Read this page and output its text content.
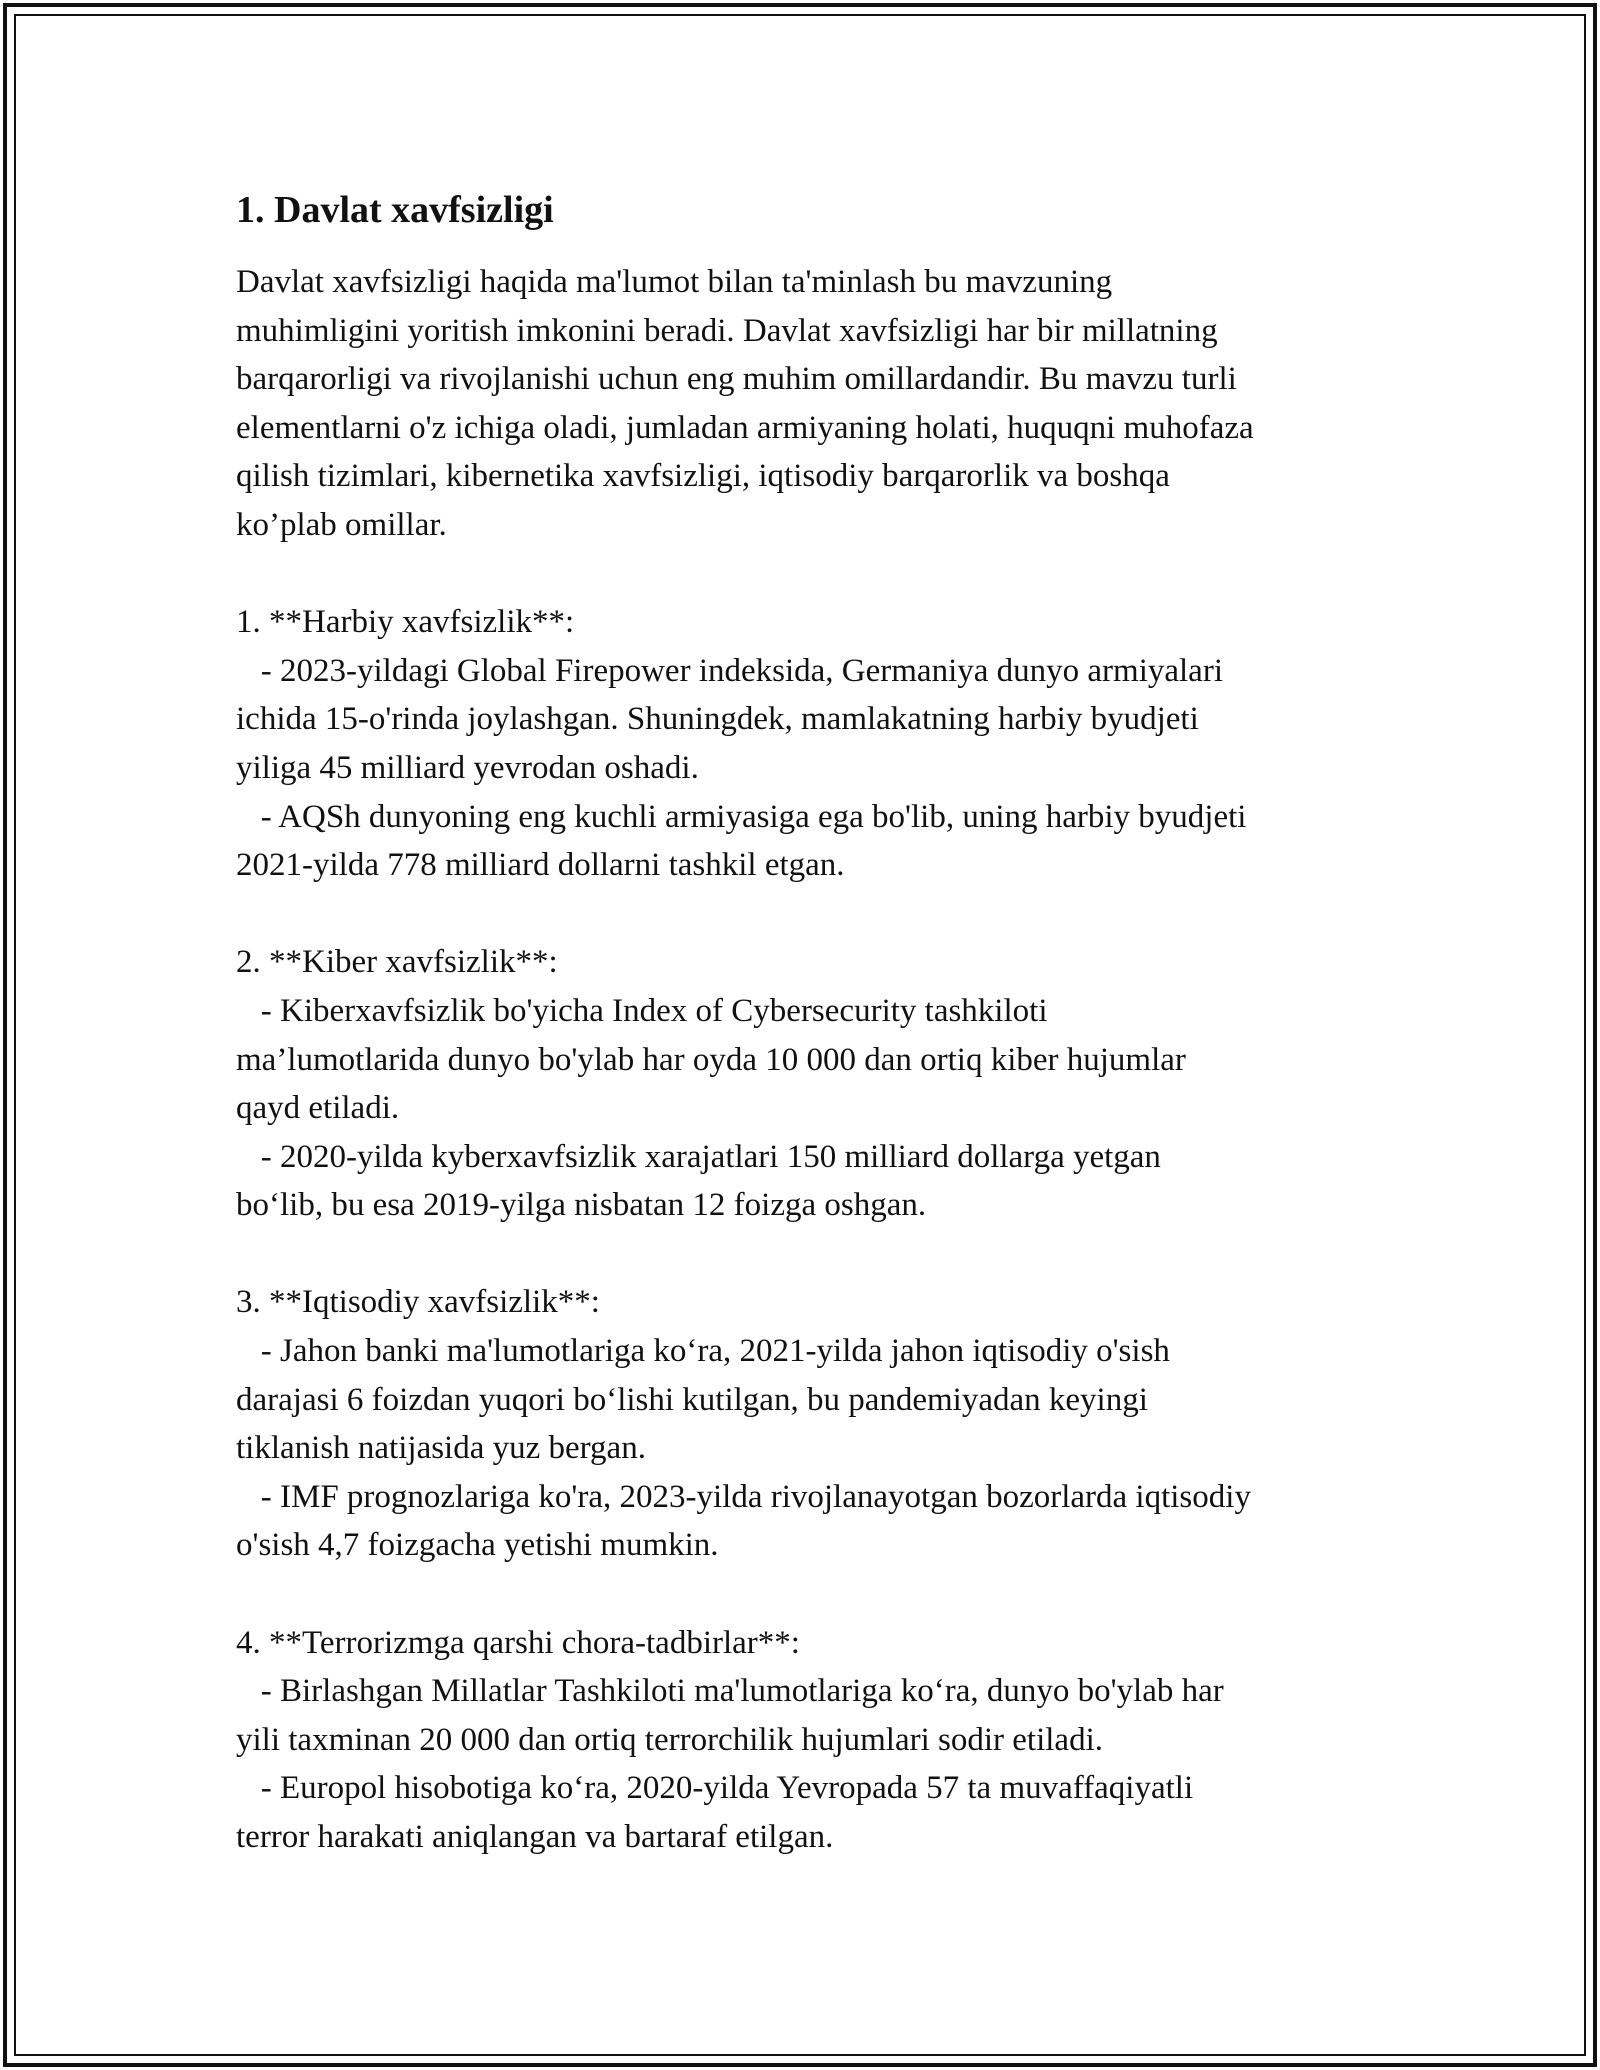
1. Davlat xavfsizligi
Davlat xavfsizligi haqida ma'lumot bilan ta'minlash bu mavzuning
muhimligini yoritish imkonini beradi. Davlat xavfsizligi har bir millatning
barqarorligi va rivojlanishi uchun eng muhim omillardandir. Bu mavzu turli
elementlarni o'z ichiga oladi, jumladan armiyaning holati, huquqni muhofaza
qilish tizimlari, kibernetika xavfsizligi, iqtisodiy barqarorlik va boshqa
ko’plab omillar.
1. **Harbiy xavfsizlik**:
- 2023-yildagi Global Firepower indeksida, Germaniya dunyo armiyalari
ichida 15-o'rinda joylashgan. Shuningdek, mamlakatning harbiy byudjeti
yiliga 45 milliard yevrodan oshadi.
- AQSh dunyoning eng kuchli armiyasiga ega bo'lib, uning harbiy byudjeti
2021-yilda 778 milliard dollarni tashkil etgan.
2. **Kiber xavfsizlik**:
- Kiberxavfsizlik bo'yicha Index of Cybersecurity tashkiloti
ma’lumotlarida dunyo bo'ylab har oyda 10 000 dan ortiq kiber hujumlar
qayd etiladi.
- 2020-yilda kyberxavfsizlik xarajatlari 150 milliard dollarga yetgan
bo‘lib, bu esa 2019-yilga nisbatan 12 foizga oshgan.
3. **Iqtisodiy xavfsizlik**:
- Jahon banki ma'lumotlariga ko‘ra, 2021-yilda jahon iqtisodiy o'sish
darajasi 6 foizdan yuqori bo‘lishi kutilgan, bu pandemiyadan keyingi
tiklanish natijasida yuz bergan.
- IMF prognozlariga ko'ra, 2023-yilda rivojlanayotgan bozorlarda iqtisodiy
o'sish 4,7 foizgacha yetishi mumkin.
4. **Terrorizmga qarshi chora-tadbirlar**:
- Birlashgan Millatlar Tashkiloti ma'lumotlariga ko‘ra, dunyo bo'ylab har
yili taxminan 20 000 dan ortiq terrorchilik hujumlari sodir etiladi.
- Europol hisobotiga ko‘ra, 2020-yilda Yevropada 57 ta muvaffaqiyatli
terror harakati aniqlangan va bartaraf etilgan.
